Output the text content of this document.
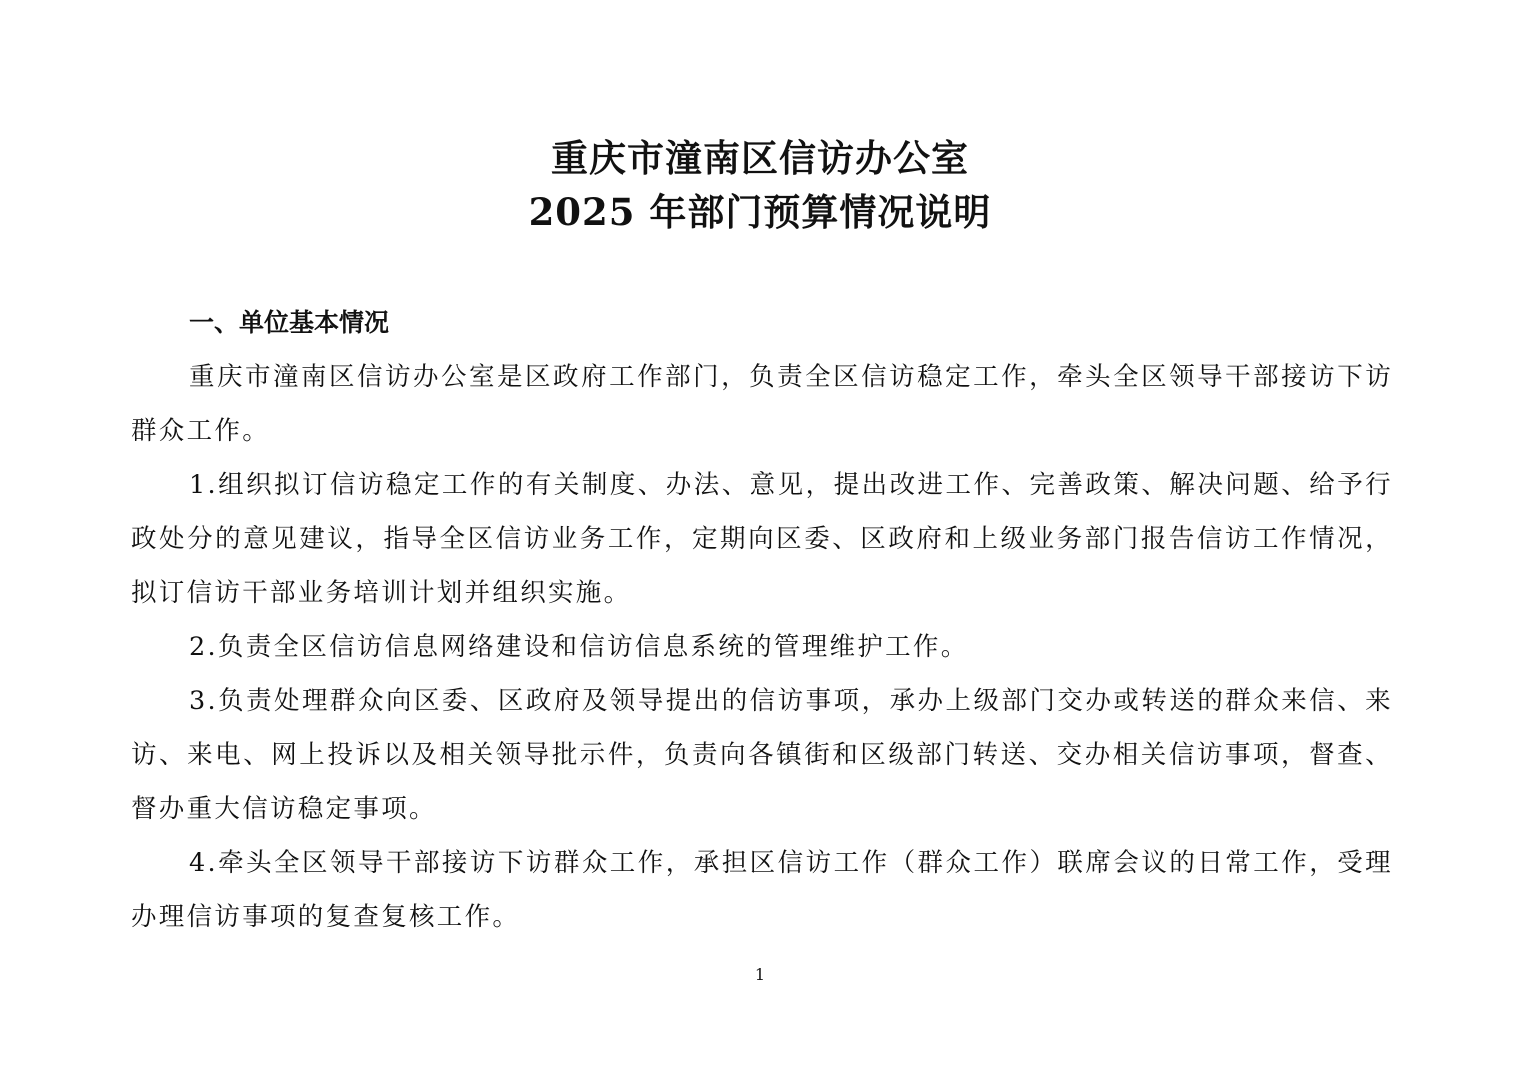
重庆市潼南区信访办公室
2025 年部门预算情况说明
一、单位基本情况
重庆市潼南区信访办公室是区政府工作部门，负责全区信访稳定工作，牵头全区领导干部接访下访群众工作。
1.组织拟订信访稳定工作的有关制度、办法、意见，提出改进工作、完善政策、解决问题、给予行政处分的意见建议，指导全区信访业务工作，定期向区委、区政府和上级业务部门报告信访工作情况，拟订信访干部业务培训计划并组织实施。
2.负责全区信访信息网络建设和信访信息系统的管理维护工作。
3.负责处理群众向区委、区政府及领导提出的信访事项，承办上级部门交办或转送的群众来信、来访、来电、网上投诉以及相关领导批示件，负责向各镇街和区级部门转送、交办相关信访事项，督查、督办重大信访稳定事项。
4.牵头全区领导干部接访下访群众工作，承担区信访工作（群众工作）联席会议的日常工作，受理办理信访事项的复查复核工作。
1
